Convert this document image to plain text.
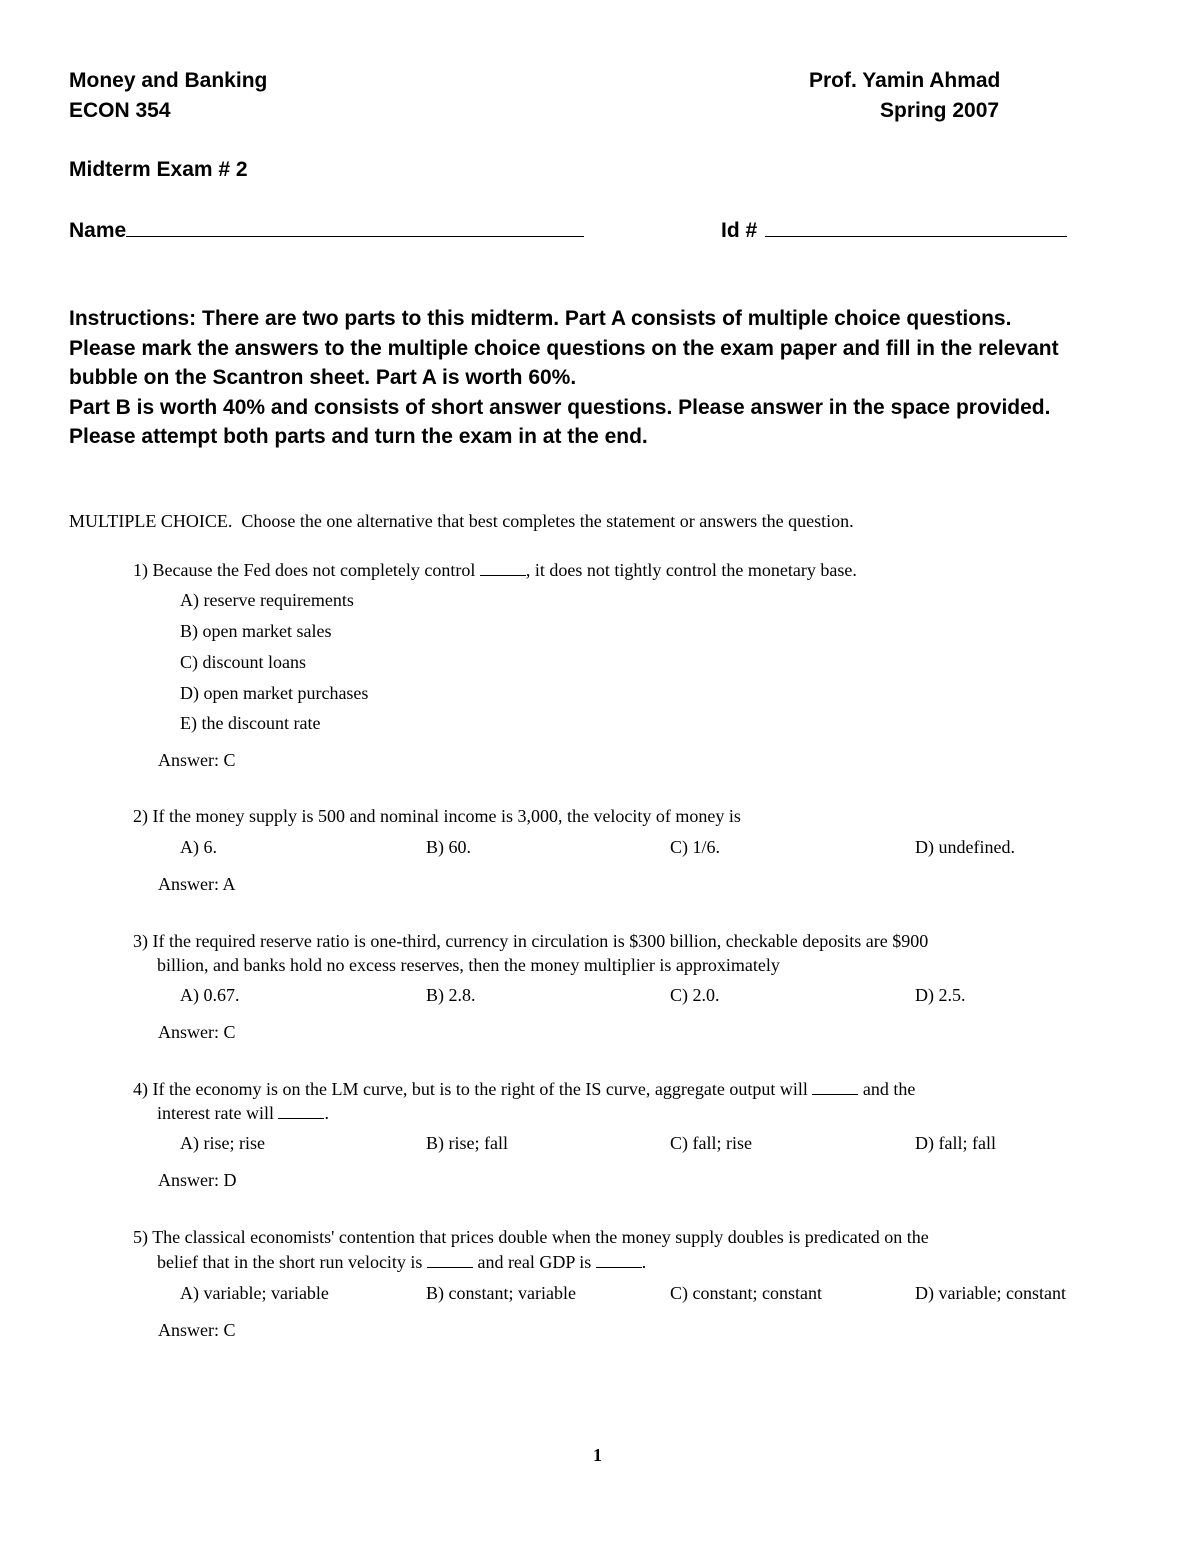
Money and Banking
ECON 354
Prof. Yamin Ahmad
Spring 2007
Midterm Exam # 2
Name	Id #

Instructions: There are two parts to this midterm. Part A consists of multiple choice questions. Please mark the answers to the multiple choice questions on the exam paper and fill in the relevant bubble on the Scantron sheet. Part A is worth 60%.

Part B is worth 40% and consists of short answer questions. Please answer in the space provided. Please attempt both parts and turn the exam in at the end.

MULTIPLE CHOICE. Choose the one alternative that best completes the statement or answers the question.
1) Because the Fed does not completely control	, it does not tightly control the monetary base.
A) reserve requirements
B) open market sales
C) discount loans
D) open market purchases
E) the discount rate
Answer: C
2) If the money supply is 500 and nominal income is 3,000, the velocity of money is
A) 6.	B) 60.	C) 1/6.	D) undefined.
Answer: A
3) If the required reserve ratio is one-third, currency in circulation is $300 billion, checkable deposits are $900
billion, and banks hold no excess reserves, then the money multiplier is approximately
A) 0.67.	B) 2.8.	C) 2.0.	D) 2.5.
Answer: C
4) If the economy is on the LM curve, but is to the right of the IS curve, aggregate output will	and the
interest rate will	.
A) rise; rise	B) rise; fall	C) fall; rise	D) fall; fall
Answer: D
5) The classical economists' contention that prices double when the money supply doubles is predicated on the
belief that in the short run velocity is	and real GDP is	.
A) variable; variable	B) constant; variable	C) constant; constant	D) variable; constant
Answer: C
1
